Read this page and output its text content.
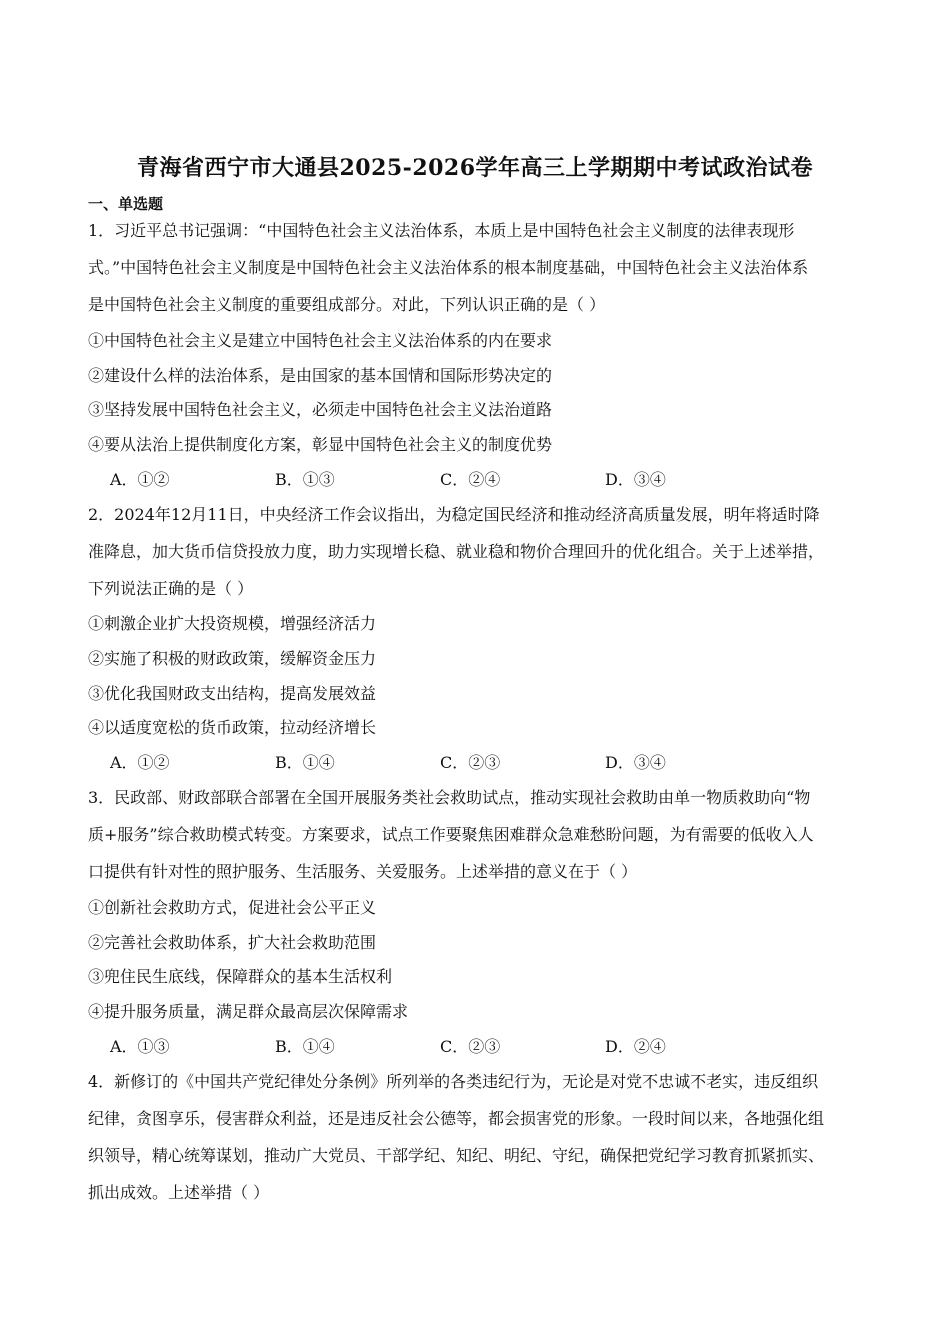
青海省西宁市大通县2025-2026学年高三上学期期中考试政治试卷
一、单选题
1．习近平总书记强调：“中国特色社会主义法治体系，本质上是中国特色社会主义制度的法律表现形
式。”中国特色社会主义制度是中国特色社会主义法治体系的根本制度基础，中国特色社会主义法治体系
是中国特色社会主义制度的重要组成部分。对此，下列认识正确的是（ ）
①中国特色社会主义是建立中国特色社会主义法治体系的内在要求
②建设什么样的法治体系，是由国家的基本国情和国际形势决定的
③坚持发展中国特色社会主义，必须走中国特色社会主义法治道路
④要从法治上提供制度化方案，彰显中国特色社会主义的制度优势
A．①②	B．①③	C．②④	D．③④
2．2024年12月11日，中央经济工作会议指出，为稳定国民经济和推动经济高质量发展，明年将适时降
准降息，加大货币信贷投放力度，助力实现增长稳、就业稳和物价合理回升的优化组合。关于上述举措，
下列说法正确的是（ ）
①刺激企业扩大投资规模，增强经济活力
②实施了积极的财政政策，缓解资金压力
③优化我国财政支出结构，提高发展效益
④以适度宽松的货币政策，拉动经济增长
A．①②	B．①④	C．②③	D．③④
3．民政部、财政部联合部署在全国开展服务类社会救助试点，推动实现社会救助由单一物质救助向“物
质+服务”综合救助模式转变。方案要求，试点工作要聚焦困难群众急难愁盼问题，为有需要的低收入人
口提供有针对性的照护服务、生活服务、关爱服务。上述举措的意义在于（ ）
①创新社会救助方式，促进社会公平正义
②完善社会救助体系，扩大社会救助范围
③兜住民生底线，保障群众的基本生活权利
④提升服务质量，满足群众最高层次保障需求
A．①③	B．①④	C．②③	D．②④
4．新修订的《中国共产党纪律处分条例》所列举的各类违纪行为，无论是对党不忠诚不老实，违反组织
纪律，贪图享乐，侵害群众利益，还是违反社会公德等，都会损害党的形象。一段时间以来，各地强化组
织领导，精心统筹谋划，推动广大党员、干部学纪、知纪、明纪、守纪，确保把党纪学习教育抓紧抓实、
抓出成效。上述举措（ ）
